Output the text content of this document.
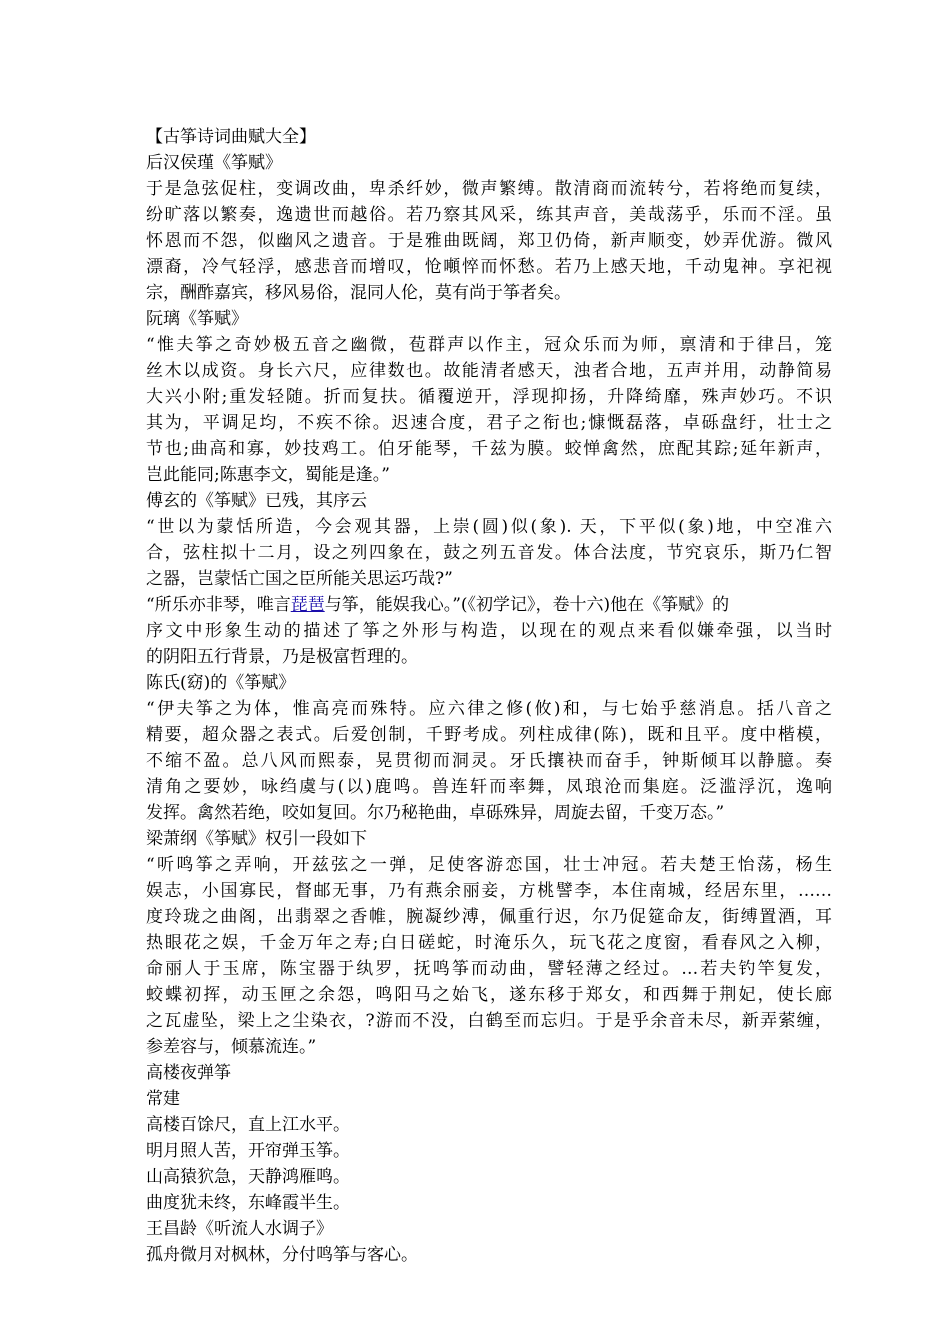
【古筝诗词曲赋大全】
后汉侯瑾《筝赋》
于是急弦促柱，变调改曲，卑杀纤妙，微声繁缚。散清商而流转兮，若将绝而复续，
纷旷落以繁奏，逸遗世而越俗。若乃察其风采，练其声音，美哉荡乎，乐而不淫。虽
怀恩而不怨，似幽风之遗音。于是雅曲既阔，郑卫仍倚，新声顺变，妙弄优游。微风
漂裔，冷气轻浮，感悲音而增叹，怆噸悴而怀愁。若乃上感天地，千动鬼神。享祀视
宗，酬酢嘉宾，移风易俗，混同人伦，莫有尚于筝者矣。
阮璃《筝赋》
“惟夫筝之奇妙极五音之幽微，苞群声以作主，冠众乐而为师，禀清和于律吕，笼
丝木以成资。身长六尺，应律数也。故能清者感天，浊者合地，五声并用，动静简易
大兴小附;重发轻随。折而复扶。循覆逆开，浮现抑扬，升降绮靡，殊声妙巧。不识
其为，平调足均，不疾不徐。迟速合度，君子之衔也;慷慨磊落，卓砾盘纡，壮士之
节也;曲高和寡，妙技鸡工。伯牙能琴，千兹为膜。蛟惮禽然，庶配其踪;延年新声，
岂此能同;陈惠李文，蜀能是逢。”
傅玄的《筝赋》已残，其序云
“世以为蒙恬所造，今会观其器，上崇(圆)似(象). 天，下平似(象)地，中空准六
合，弦柱拟十二月，设之列四象在，鼓之列五音发。体合法度，节究哀乐，斯乃仁智
之器，岂蒙恬亡国之臣所能关思运巧哉?”
“所乐亦非琴，唯言琵琶与筝，能娱我心。”(《初学记》，卷十六)他在《筝赋》的
序文中形象生动的描述了筝之外形与构造，以现在的观点来看似嫌牵强，以当时
的阴阳五行背景，乃是极富哲理的。
陈氏(窈)的《筝赋》
“伊夫筝之为体，惟高亮而殊特。应六律之修(攸)和，与七始乎慈消息。括八音之
精要，超众器之表式。后爱创制，千野考成。列柱成律(陈)，既和且平。度中楷模，
不缩不盈。总八风而熙泰，晃贯彻而洞灵。牙氏攘袂而奋手，钟斯倾耳以静臆。奏
清角之要妙，咏绉虞与(以)鹿鸣。兽连轩而率舞，凤琅沧而集庭。泛滥浮沉，逸响
发挥。禽然若绝，咬如复回。尔乃秘艳曲，卓砾殊异，周旋去留，千变万态。”
梁萧纲《筝赋》权引一段如下
“听鸣筝之弄响，开兹弦之一弹，足使客游恋国，壮士冲冠。若夫楚王怡荡，杨生
娱志，小国寡民，督邮无事，乃有燕余丽妾，方桃譬李，本住南城，经居东里，……
度玲珑之曲阁，出翡翠之香帷，腕凝纱溥，佩重行迟，尔乃促筵命友，街缚置酒，耳
热眼花之娱，千金万年之寿;白日磋蛇，时淹乐久，玩飞花之度窗，看春风之入柳，
命丽人于玉席，陈宝器于纨罗，抚鸣筝而动曲，譬轻薄之经过。…若夫钓竿复发，
蛟蝶初挥，动玉匣之余怨，鸣阳马之始飞，遂东移于郑女，和西舞于荆妃，使长廊
之瓦虚坠，梁上之尘染衣，?游而不没，白鹤至而忘归。于是乎余音未尽，新弄萦缠，
参差容与，倾慕流连。”
高楼夜弹筝
常建
高楼百馀尺，直上江水平。
明月照人苦，开帘弹玉筝。
山高猿狖急，天静鸿雁鸣。
曲度犹未终，东峰霞半生。
王昌龄《听流人水调子》
孤舟微月对枫林，分付鸣筝与客心。
